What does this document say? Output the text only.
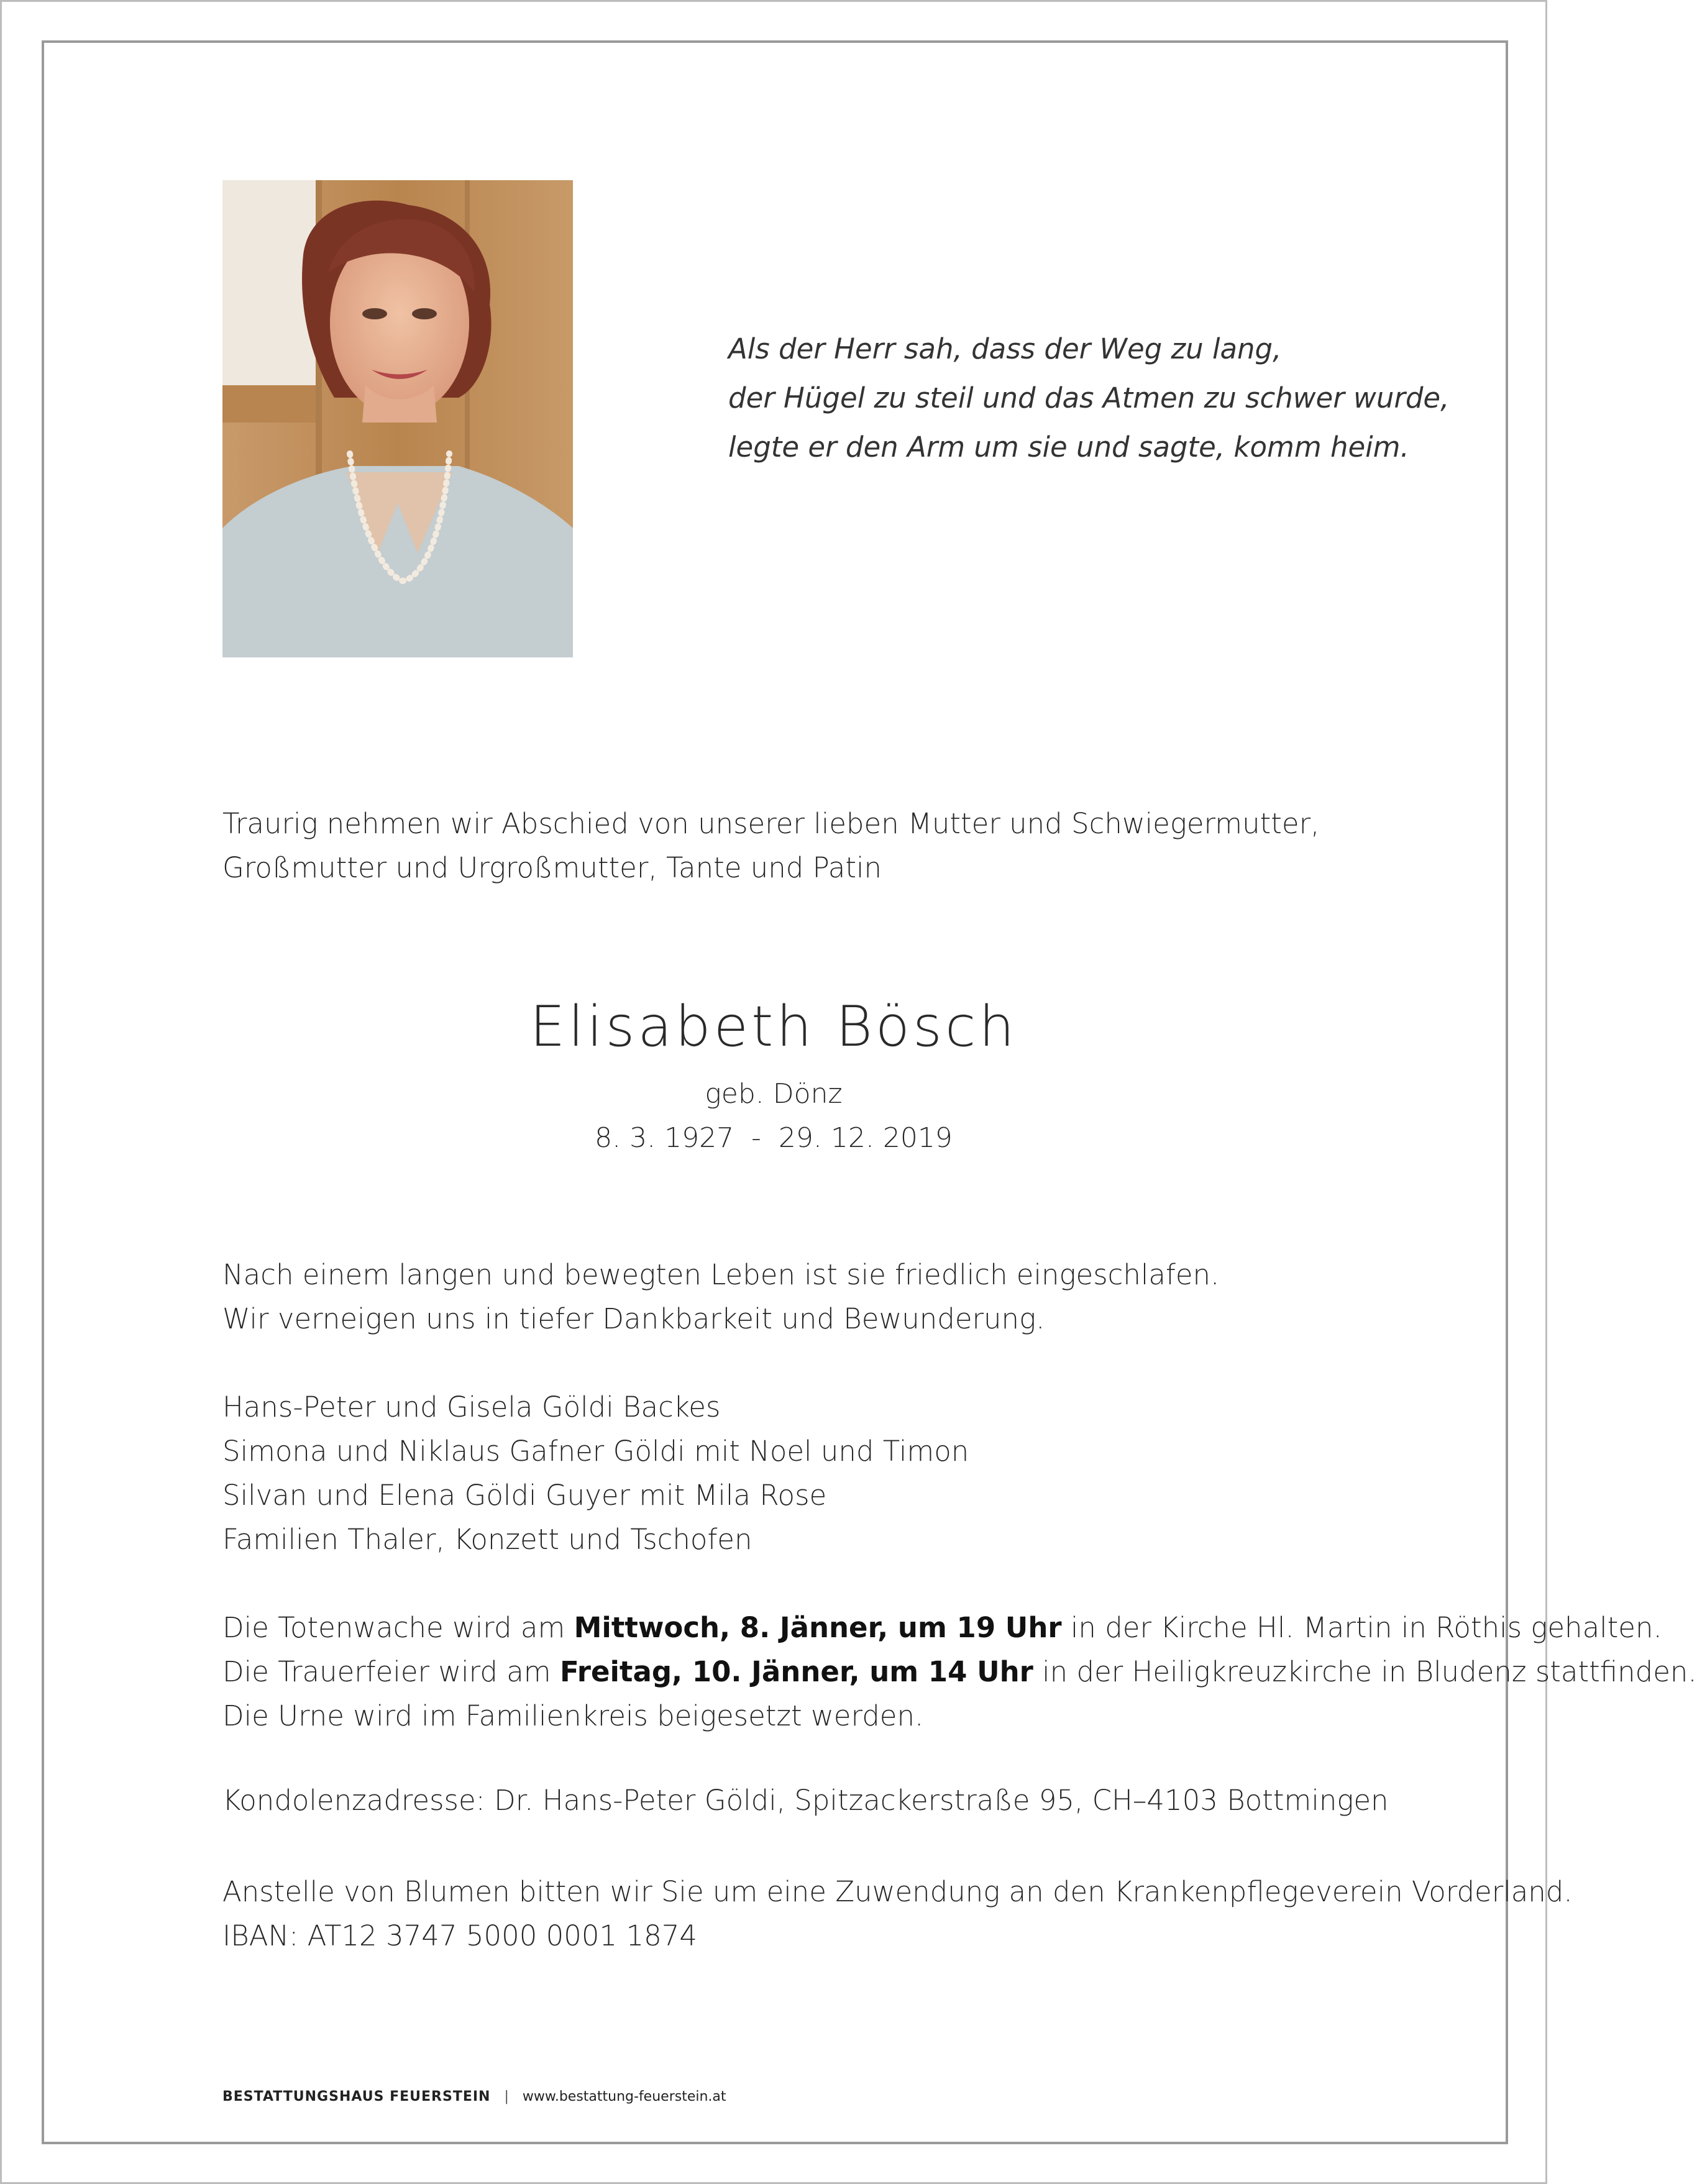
Als der Herr sah, dass der Weg zu lang,
der Hügel zu steil und das Atmen zu schwer wurde,
legte er den Arm um sie und sagte, komm heim.
Traurig nehmen wir Abschied von unserer lieben Mutter und Schwiegermutter, Großmutter und Urgroßmutter, Tante und Patin
Elisabeth Bösch
geb. Dönz
8. 3. 1927  -  29. 12. 2019
Nach einem langen und bewegten Leben ist sie friedlich eingeschlafen.
Wir verneigen uns in tiefer Dankbarkeit und Bewunderung.
Hans-Peter und Gisela Göldi Backes
Simona und Niklaus Gafner Göldi mit Noel und Timon
Silvan und Elena Göldi Guyer mit Mila Rose
Familien Thaler, Konzett und Tschofen
Die Totenwache wird am Mittwoch, 8. Jänner, um 19 Uhr in der Kirche Hl. Martin in Röthis gehalten.
Die Trauerfeier wird am Freitag, 10. Jänner, um 14 Uhr in der Heiligkreuzkirche in Bludenz stattfinden.
Die Urne wird im Familienkreis beigesetzt werden.
Kondolenzadresse: Dr. Hans-Peter Göldi, Spitzackerstraße 95, CH–4103 Bottmingen
Anstelle von Blumen bitten wir Sie um eine Zuwendung an den Krankenpflegeverein Vorderland.
IBAN: AT12 3747 5000 0001 1874
BESTATTUNGSHAUS FEUERSTEIN | www.bestattung-feuerstein.at
